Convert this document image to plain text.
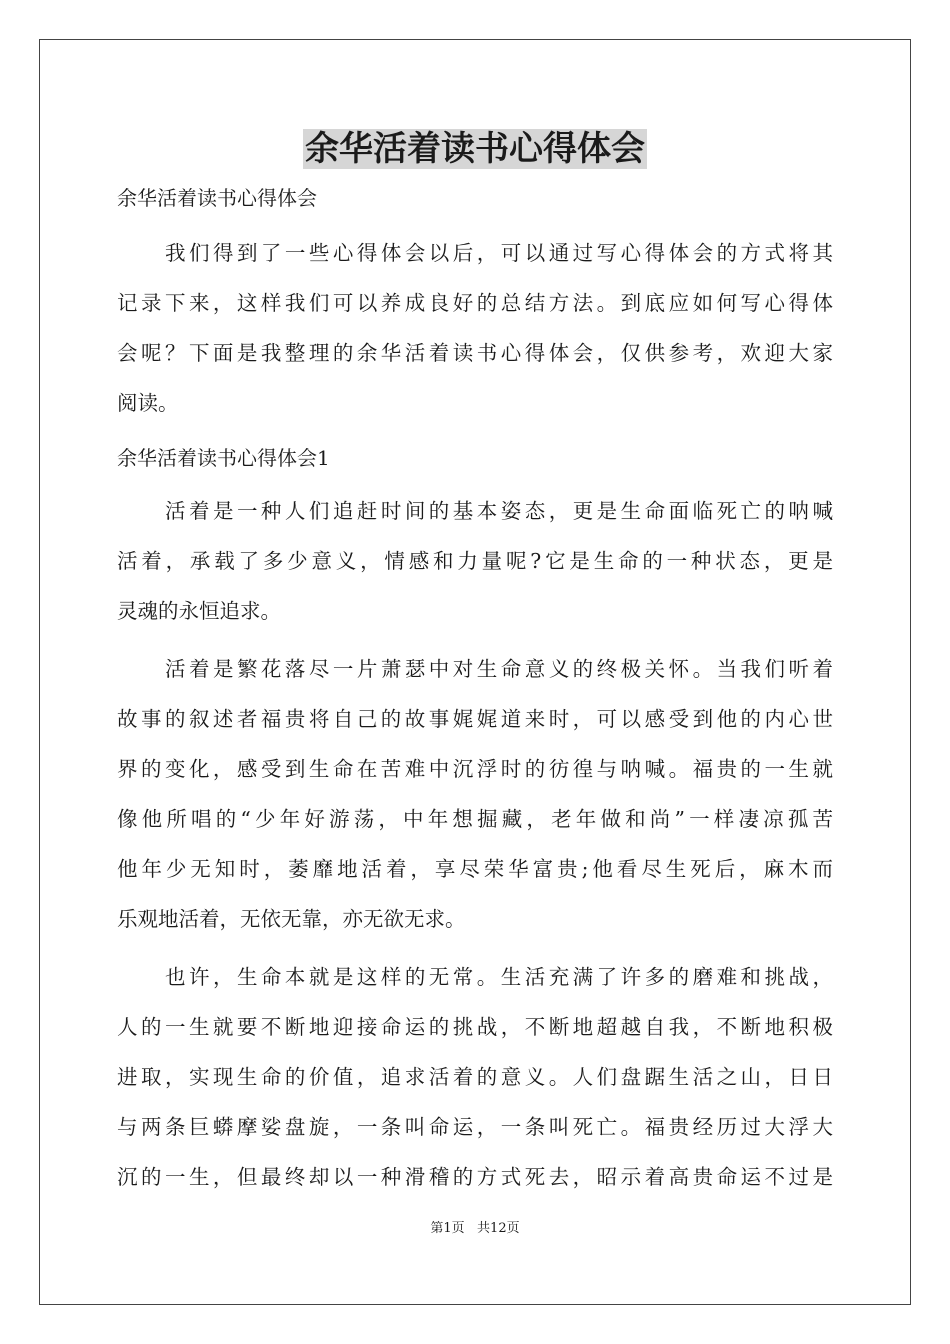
余华活着读书心得体会

余华活着读书心得体会

我们得到了一些心得体会以后，可以通过写心得体会的方式将其
记录下来，这样我们可以养成良好的总结方法。到底应如何写心得体
会呢？下面是我整理的余华活着读书心得体会，仅供参考，欢迎大家
阅读。

余华活着读书心得体会1

活着是一种人们追赶时间的基本姿态，更是生命面临死亡的呐喊
活着，承载了多少意义，情感和力量呢?它是生命的一种状态，更是
灵魂的永恒追求。
活着是繁花落尽一片萧瑟中对生命意义的终极关怀。当我们听着
故事的叙述者福贵将自己的故事娓娓道来时，可以感受到他的内心世
界的变化，感受到生命在苦难中沉浮时的彷徨与呐喊。福贵的一生就
像他所唱的“少年好游荡，中年想掘藏，老年做和尚”一样凄凉孤苦
他年少无知时，萎靡地活着，享尽荣华富贵;他看尽生死后，麻木而
乐观地活着，无依无靠，亦无欲无求。
也许，生命本就是这样的无常。生活充满了许多的磨难和挑战，
人的一生就要不断地迎接命运的挑战，不断地超越自我，不断地积极
进取，实现生命的价值，追求活着的意义。人们盘踞生活之山，日日
与两条巨蟒摩娑盘旋，一条叫命运，一条叫死亡。福贵经历过大浮大
沉的一生，但最终却以一种滑稽的方式死去，昭示着高贵命运不过是
第1页   共12页
